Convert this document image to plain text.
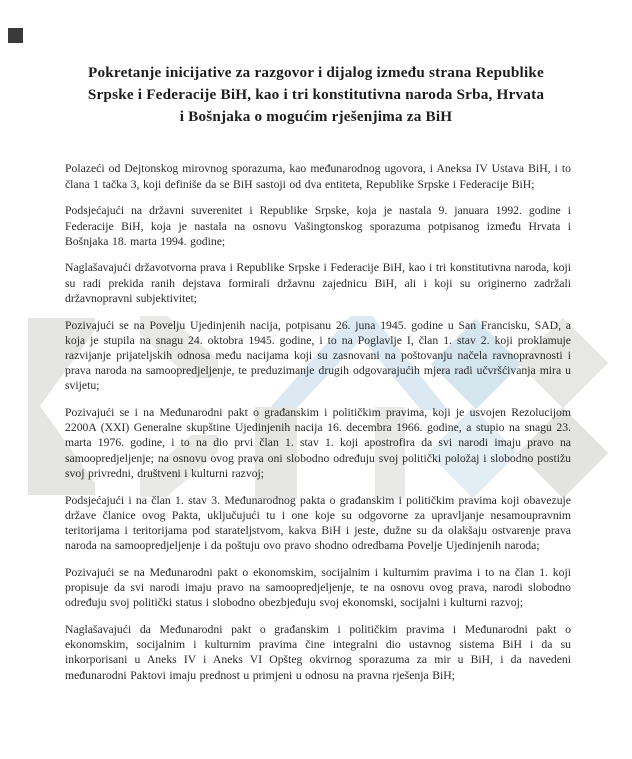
Pokretanje inicijative za razgovor i dijalog između strana Republike
Srpske i Federacije BiH, kao i tri konstitutivna naroda Srba, Hrvata
i Bošnjaka o mogućim rješenjima za BiH

Polazeći od Dejtonskog mirovnog sporazuma, kao međunarodnog ugovora, i Aneksa IV Ustava BiH, i to člana 1 tačka 3, koji definiše da se BiH sastoji od dva entiteta, Republike Srpske i Federacije BiH;

Podsjećajući na državni suverenitet i Republike Srpske, koja je nastala 9. januara 1992. godine i Federacije BiH, koja je nastala na osnovu Vašingtonskog sporazuma potpisanog između Hrvata i Bošnjaka 18. marta 1994. godine;

Naglašavajući državotvorna prava i Republike Srpske i Federacije BiH, kao i tri konstitutivna naroda, koji su radi prekida ranih dejstava formirali državnu zajednicu BiH, ali i koji su originerno zadržali državnopravni subjektivitet;

Pozivajući se na Povelju Ujedinjenih nacija, potpisanu 26. juna 1945. godine u San Francisku, SAD, a koja je stupila na snagu 24. oktobra 1945. godine, i to na Poglavlje I, član 1. stav 2. koji proklamuje razvijanje prijateljskih odnosa među nacijama koji su zasnovani na poštovanju načela ravnopravnosti i prava naroda na samoopredjeljenje, te preduzimanje drugih odgovarajućih mjera radi učvršćivanja mira u svijetu;

Pozivajući se i na Međunarodni pakt o građanskim i političkim pravima, koji je usvojen Rezolucijom 2200A (XXI) Generalne skupštine Ujedinjenih nacija 16. decembra 1966. godine, a stupio na snagu 23. marta 1976. godine, i to na dio prvi član 1. stav 1. koji apostrofira da svi narodi imaju pravo na samoopredjeljenje; na osnovu ovog prava oni slobodno određuju svoj politički položaj i slobodno postižu svoj privredni, društveni i kulturni razvoj;

Podsjećajući i na član 1. stav 3. Međunarodnog pakta o građanskim i političkim pravima koji obavezuje države članice ovog Pakta, uključujući tu i one koje su odgovorne za upravljanje nesamoupravnim teritorijama i teritorijama pod starateljstvom, kakva BiH i jeste, dužne su da olakšaju ostvarenje prava naroda na samoopredjeljenje i da poštuju ovo pravo shodno odredbama Povelje Ujedinjenih naroda;

Pozivajući se na Međunarodni pakt o ekonomskim, socijalnim i kulturnim pravima i to na član 1. koji propisuje da svi narodi imaju pravo na samoopredjeljenje, te na osnovu ovog prava, narodi slobodno određuju svoj politički status i slobodno obezbjeđuju svoj ekonomski, socijalni i kulturni razvoj;

Naglašavajući da Međunarodni pakt o građanskim i političkim pravima i Međunarodni pakt o ekonomskim, socijalnim i kulturnim pravima čine integralni dio ustavnog sistema BiH i da su inkorporisani u Aneks IV i Aneks VI Opšteg okvirnog sporazuma za mir u BiH, i da navedeni međunarodni Paktovi imaju prednost u primjeni u odnosu na pravna rješenja BiH;
